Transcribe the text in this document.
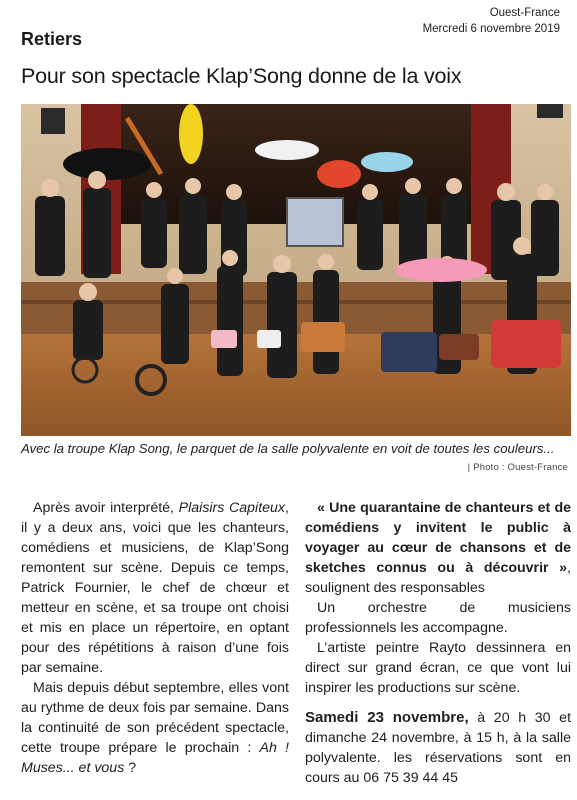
Retiers
Ouest-France
Mercredi 6 novembre 2019
Pour son spectacle Klap’Song donne de la voix
Avec la troupe Klap Song, le parquet de la salle polyvalente en voit de toutes les couleurs...
| Photo : Ouest-France

Après avoir interprété, Plaisirs Capiteux, il y a deux ans, voici que les chanteurs, comédiens et musiciens, de Klap’Song remontent sur scène. Depuis ce temps, Patrick Fournier, le chef de chœur et metteur en scène, et sa troupe ont choisi et mis en place un répertoire, en optant pour des répétitions à raison d’une fois par semaine.

Mais depuis début septembre, elles vont au rythme de deux fois par semaine. Dans la continuité de son précédent spectacle, cette troupe prépare le prochain : Ah ! Muses... et vous ?

« Une quarantaine de chanteurs et de comédiens y invitent le public à voyager au cœur de chansons et de sketches connus ou à découvrir », soulignent des responsables

Un orchestre de musiciens professionnels les accompagne.

L’artiste peintre Rayto dessinnera en direct sur grand écran, ce que vont lui inspirer les productions sur scène.

Samedi 23 novembre, à 20 h 30 et dimanche 24 novembre, à 15 h, à la salle polyvalente. les réservations sont en cours au 06 75 39 44 45
